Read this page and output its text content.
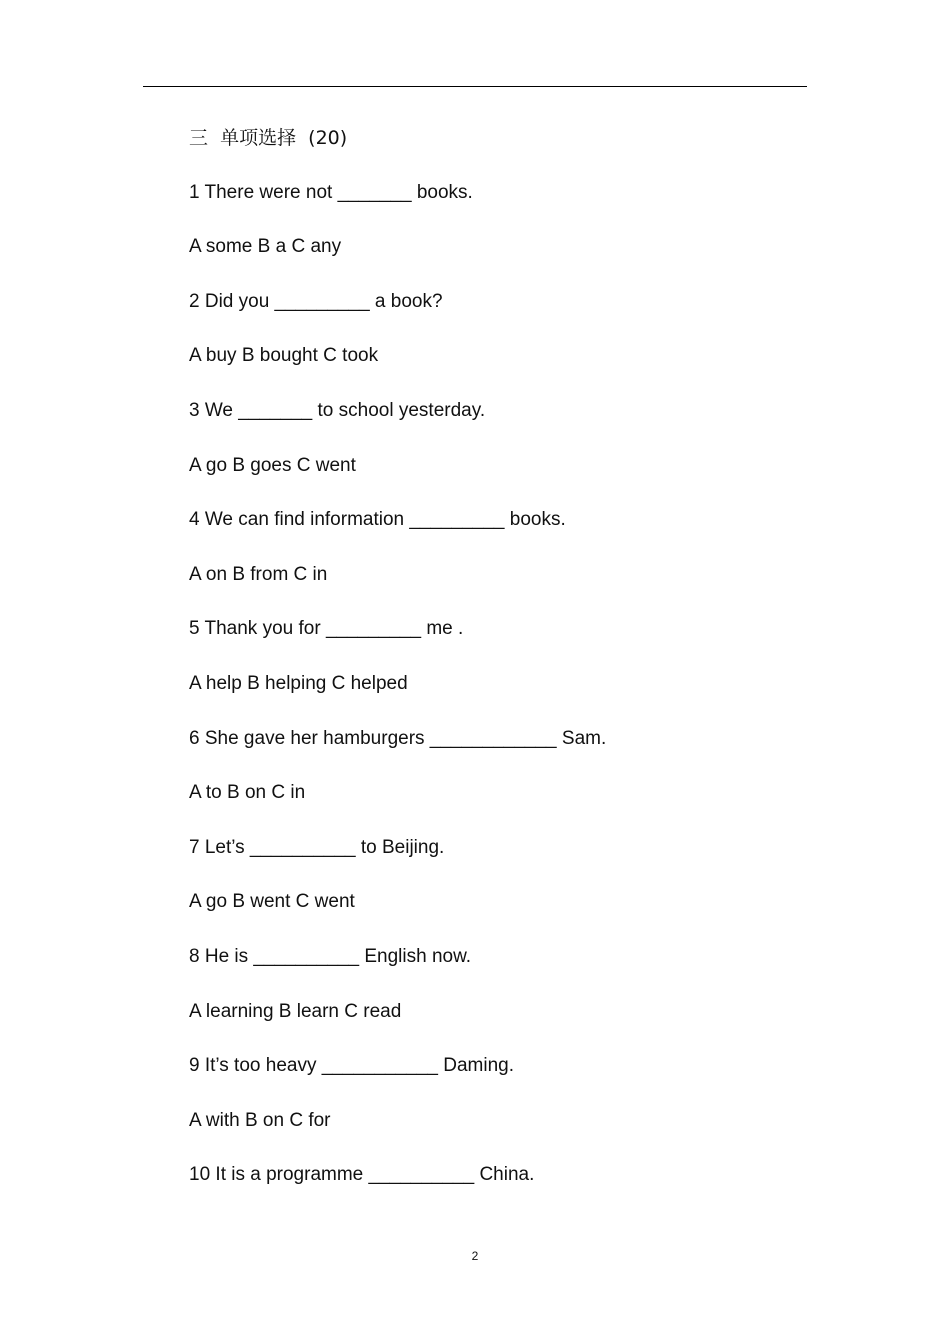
三  单项选择  (20)
1 There were not _______ books.
A some B a C any
2 Did you _________ a book?
A buy B bought C took
3 We _______ to school yesterday.
A go B goes C went
4 We can find information _________ books.
A on B from C in
5 Thank you for _________ me .
A help B helping C helped
6 She gave her hamburgers ____________ Sam.
A to B on C in
7 Let’s __________ to Beijing.
A go B went C went
8 He is __________ English now.
A learning B learn C read
9 It’s too heavy ___________ Daming.
A with B on C for
10 It is a programme __________ China.
2
